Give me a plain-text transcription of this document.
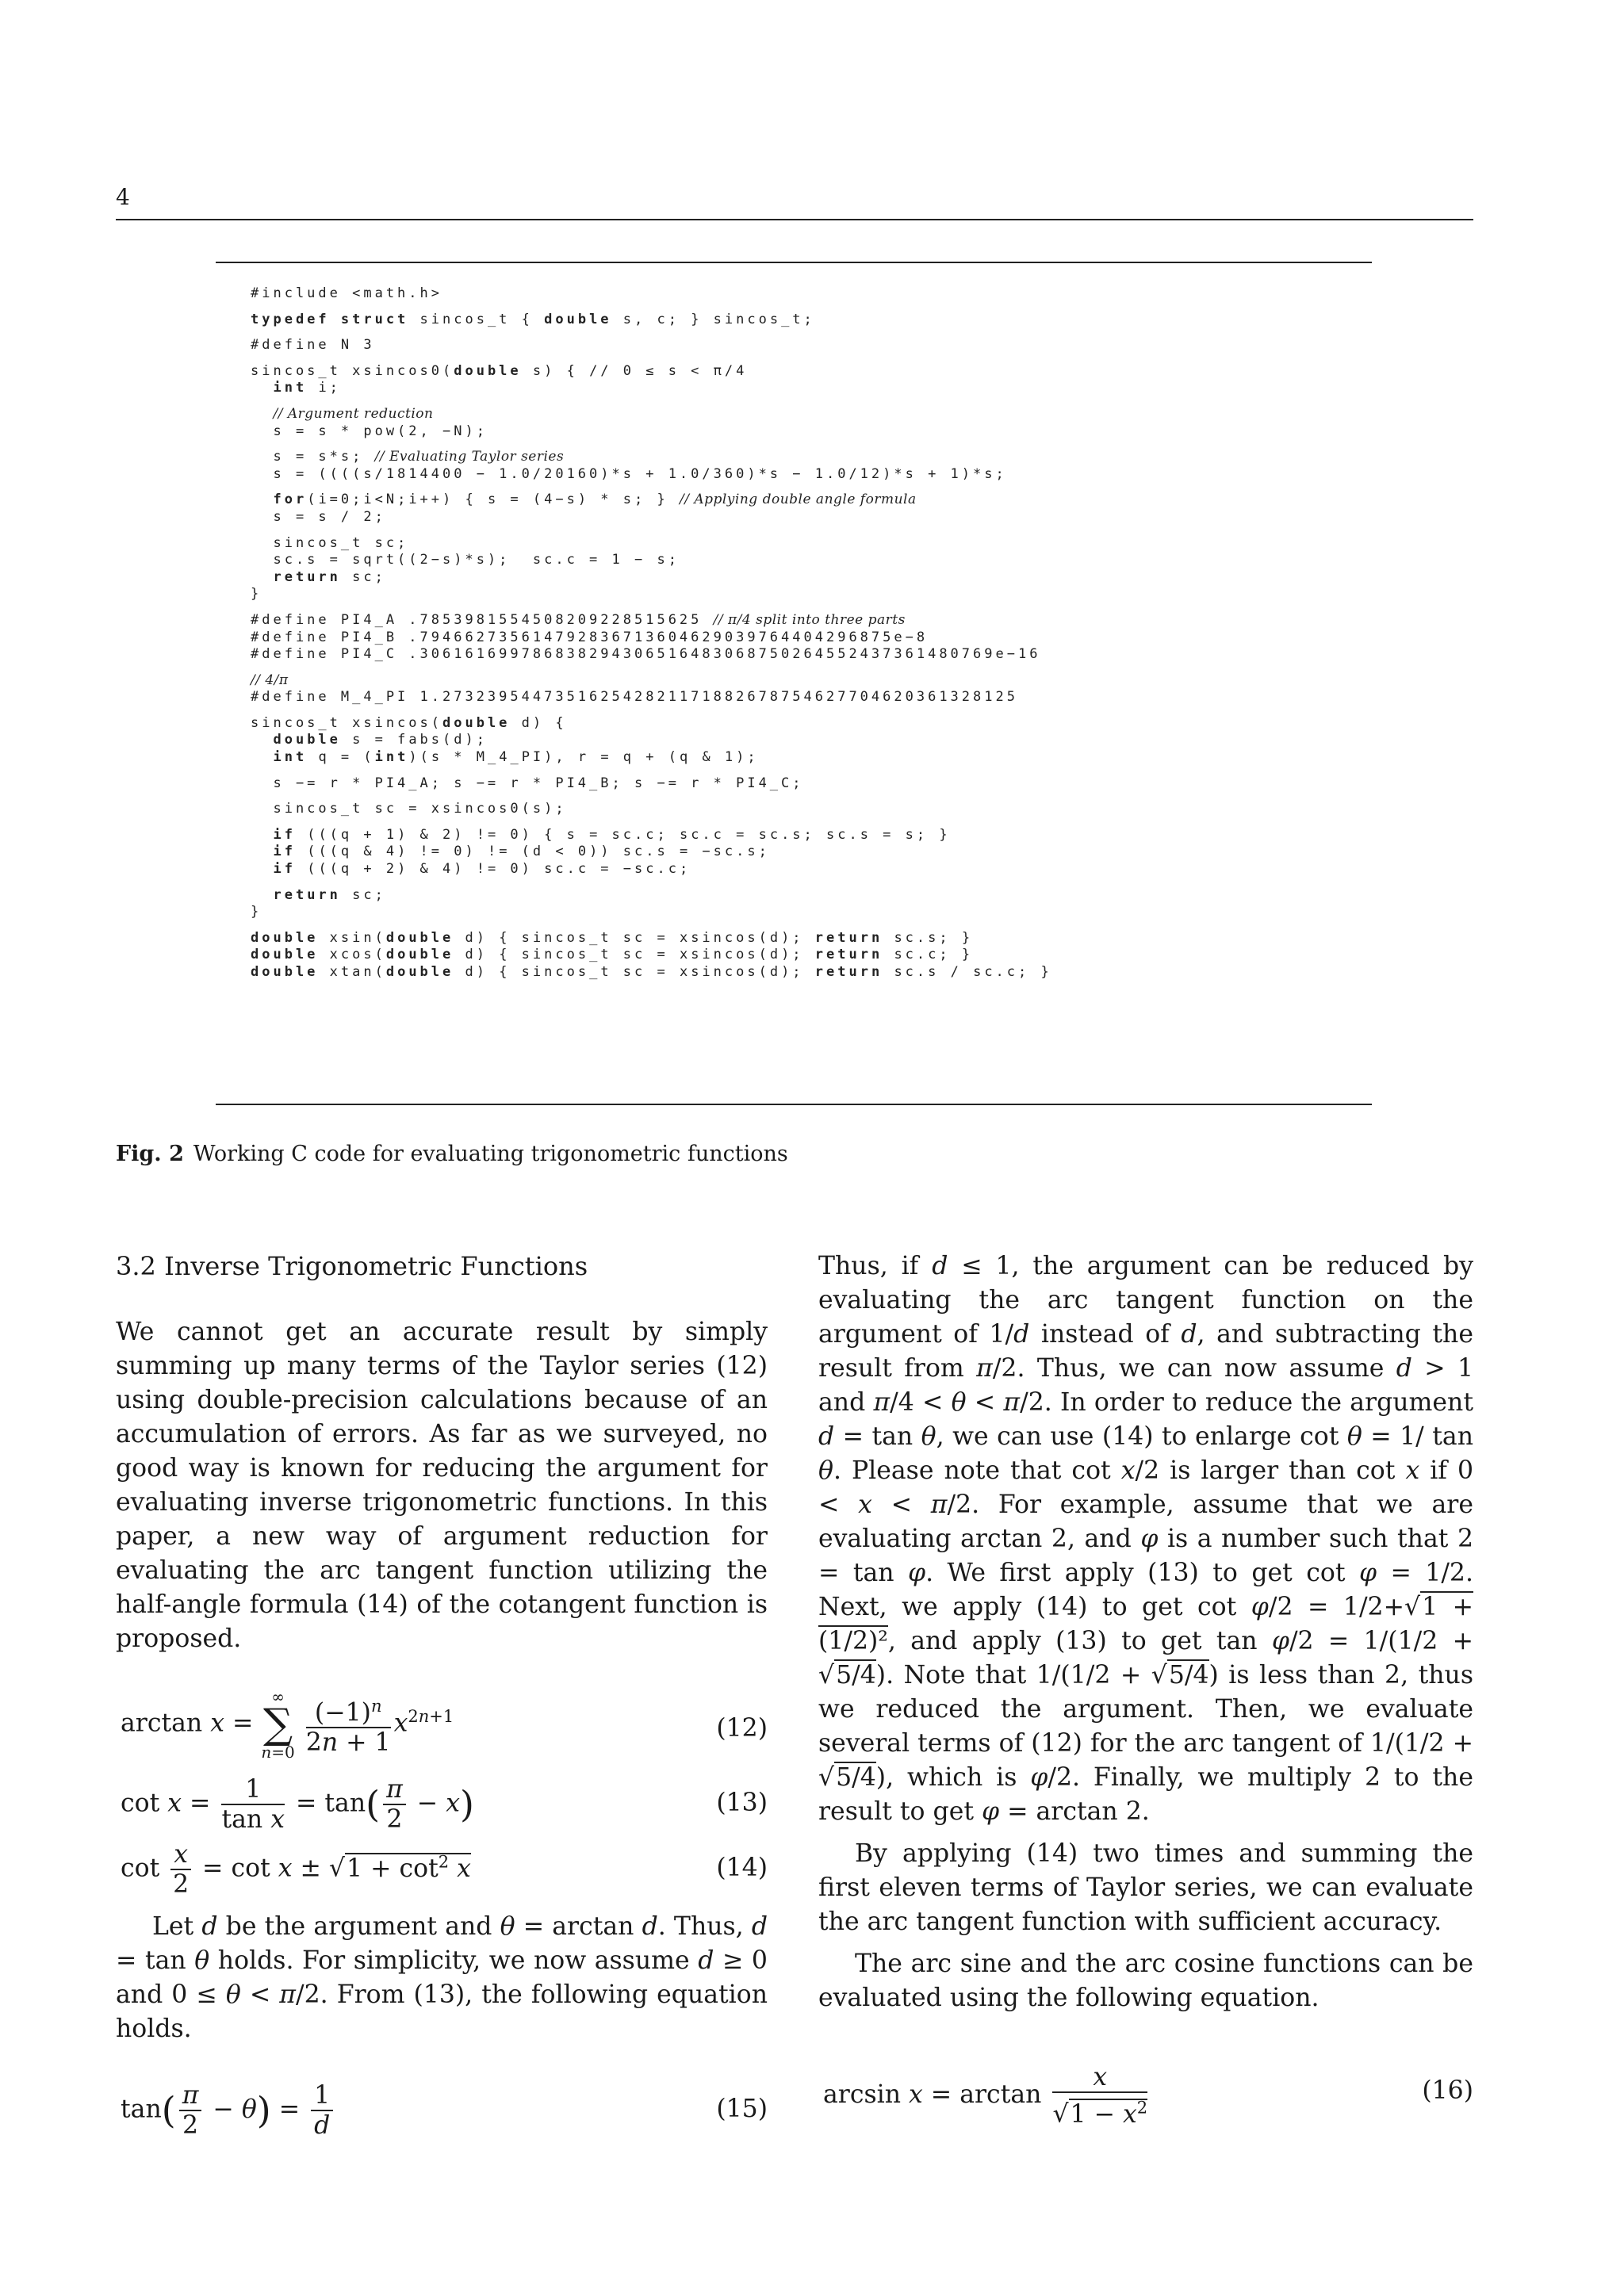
4
#include <math.h>
typedef struct sincos_t { double s, c; } sincos_t;
#define N 3
sincos_t xsincos0(double s) { // 0 ≤ s < π/4
int i;
// Argument reduction
s = s * pow(2, −N);
s = s*s; // Evaluating Taylor series
s = ((((s/1814400 − 1.0/20160)*s + 1.0/360)*s − 1.0/12)*s + 1)*s;
for(i=0;i<N;i++) { s = (4−s) * s; } // Applying double angle formula
s = s / 2;
sincos_t sc;
sc.s = sqrt((2−s)*s);  sc.c = 1 − s;
return sc;
}
#define PI4_A .7853981554508209228515625 // π/4 split into three parts
#define PI4_B .794662735614792836713604629039764404296875e−8
#define PI4_C .306161699786838294306516483068750264552437361480769e−16
// 4/π
#define M_4_PI 1.273239544735162542821171882678754627704620361328125
sincos_t xsincos(double d) {
double s = fabs(d);
int q = (int)(s * M_4_PI), r = q + (q & 1);
s −= r * PI4_A; s −= r * PI4_B; s −= r * PI4_C;
sincos_t sc = xsincos0(s);
if (((q + 1) & 2) != 0) { s = sc.c; sc.c = sc.s; sc.s = s; }
if (((q & 4) != 0) != (d < 0)) sc.s = −sc.s;
if (((q + 2) & 4) != 0) sc.c = −sc.c;
return sc;
}
double xsin(double d) { sincos_t sc = xsincos(d); return sc.s; }
double xcos(double d) { sincos_t sc = xsincos(d); return sc.c; }
double xtan(double d) { sincos_t sc = xsincos(d); return sc.s / sc.c; }
Fig. 2 Working C code for evaluating trigonometric functions

3.2 Inverse Trigonometric Functions

We cannot get an accurate result by simply summing up many terms of the Taylor series (12) using double-precision calculations because of an accumulation of errors. As far as we surveyed, no good way is known for reducing the argument for evaluating inverse trigonometric functions. In this paper, a new way of argument reduction for evaluating the arc tangent function utilizing the half-angle formula (14) of the cotangent function is proposed.

arctan x = ∞
∑
$n=0 \frac{(-1)^n}{2n + 1} x^{2n+1}$	(12)
$\cot x = \frac{1}{\text{tan x}} = \tan( \frac{\pi}{2} - x)$	(13)
$\cot \frac{x}{2} = \cot x \pm √1 + \cot^2 x$	(14)

Let d be the argument and θ = arctan d. Thus, d = tan θ holds. For simplicity, we now assume d ≥ 0 and 0 ≤ θ < π/2. From (13), the following equation holds.

$\tan( \frac{\pi}{2} - \theta) = \frac{1}{d}$	(15)

Thus, if d ≤ 1, the argument can be reduced by evaluating the arc tangent function on the argument of 1/d instead of d, and subtracting the result from π/2. Thus, we can now assume d > 1 and π/4 < θ < π/2. In order to reduce the argument d = tan θ, we can use (14) to enlarge cot θ = 1/ tan θ. Please note that cot x/2 is larger than cot x if 0 < x < π/2. For example, assume that we are evaluating arctan 2, and φ is a number such that 2 = tan φ. We first apply (13) to get cot φ = 1/2. Next, we apply (14) to get cot φ/2 = 1/2+√1 + (1/2)², and apply (13) to get tan φ/2 = 1/(1/2 + √5/4). Note that 1/(1/2 + √5/4) is less than 2, thus we reduced the argument. Then, we evaluate several terms of (12) for the arc tangent of 1/(1/2 + √5/4), which is φ/2. Finally, we multiply 2 to the result to get φ = arctan 2.

By applying (14) two times and summing the first eleven terms of Taylor series, we can evaluate the arc tangent function with sufficient accuracy.

The arc sine and the arc cosine functions can be evaluated using the following equation.

$\arcsin x = \arctan \frac{x}{√1 - x^2}$	(16)
